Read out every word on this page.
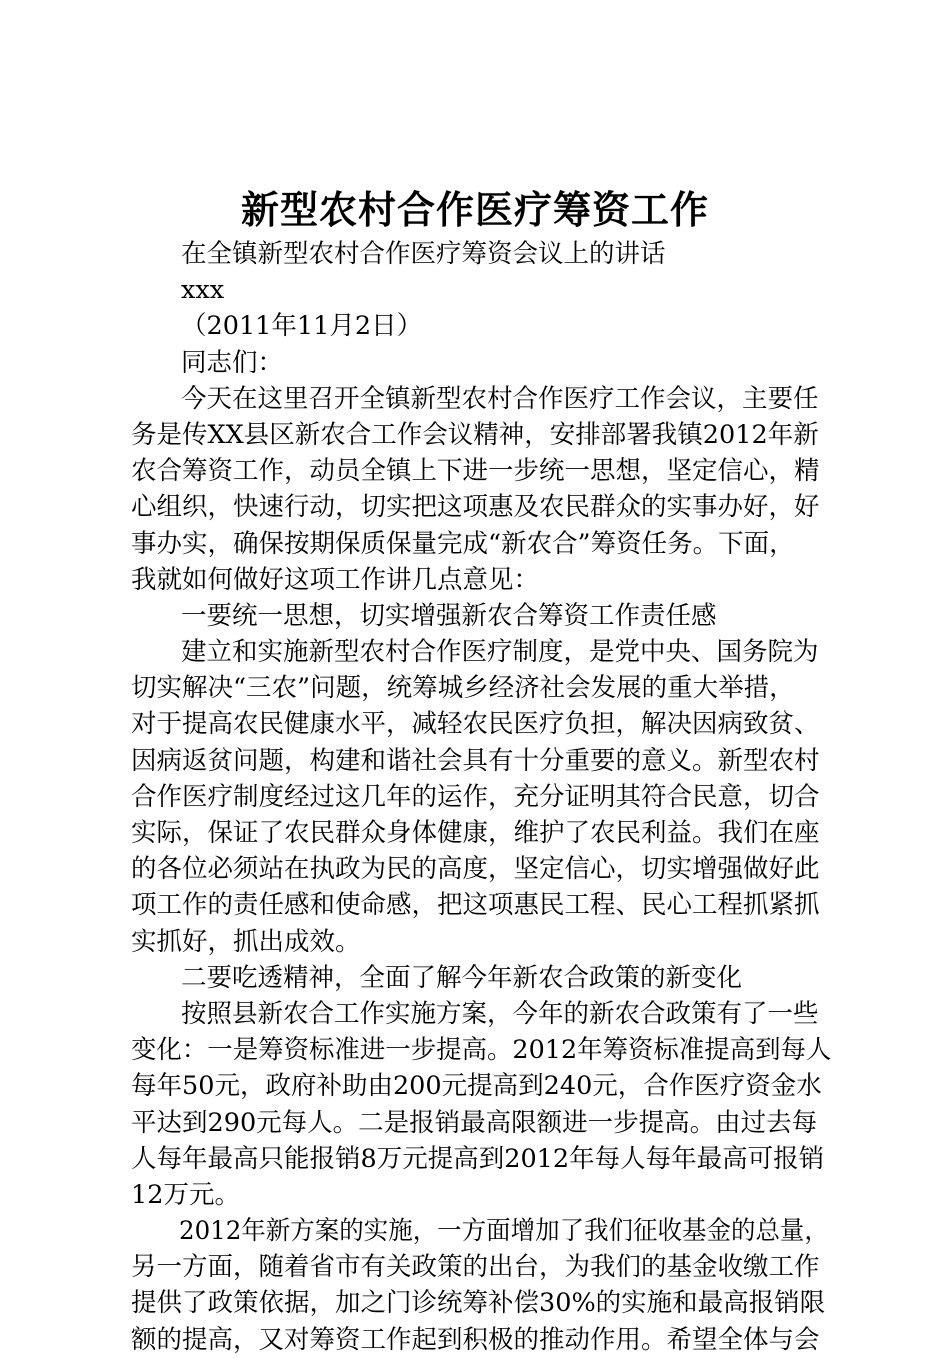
新型农村合作医疗筹资工作
在全镇新型农村合作医疗筹资会议上的讲话
xxx
（2011年11月2日）
同志们：
今天在这里召开全镇新型农村合作医疗工作会议，主要任
务是传XX县区新农合工作会议精神，安排部署我镇2012年新
农合筹资工作，动员全镇上下进一步统一思想，坚定信心，精
心组织，快速行动，切实把这项惠及农民群众的实事办好，好
事办实，确保按期保质保量完成“新农合”筹资任务。下面，
我就如何做好这项工作讲几点意见：
一要统一思想，切实增强新农合筹资工作责任感
建立和实施新型农村合作医疗制度，是党中央、国务院为
切实解决“三农”问题，统筹城乡经济社会发展的重大举措，
对于提高农民健康水平，减轻农民医疗负担，解决因病致贫、
因病返贫问题，构建和谐社会具有十分重要的意义。新型农村
合作医疗制度经过这几年的运作，充分证明其符合民意，切合
实际，保证了农民群众身体健康，维护了农民利益。我们在座
的各位必须站在执政为民的高度，坚定信心，切实增强做好此
项工作的责任感和使命感，把这项惠民工程、民心工程抓紧抓
实抓好，抓出成效。
二要吃透精神，全面了解今年新农合政策的新变化
按照县新农合工作实施方案，今年的新农合政策有了一些
变化：一是筹资标准进一步提高。2012年筹资标准提高到每人
每年50元，政府补助由200元提高到240元，合作医疗资金水
平达到290元每人。二是报销最高限额进一步提高。由过去每
人每年最高只能报销8万元提高到2012年每人每年最高可报销
12万元。
2012年新方案的实施，一方面增加了我们征收基金的总量，
另一方面，随着省市有关政策的出台，为我们的基金收缴工作
提供了政策依据，加之门诊统筹补偿30%的实施和最高报销限
额的提高，又对筹资工作起到积极的推动作用。希望全体与会
